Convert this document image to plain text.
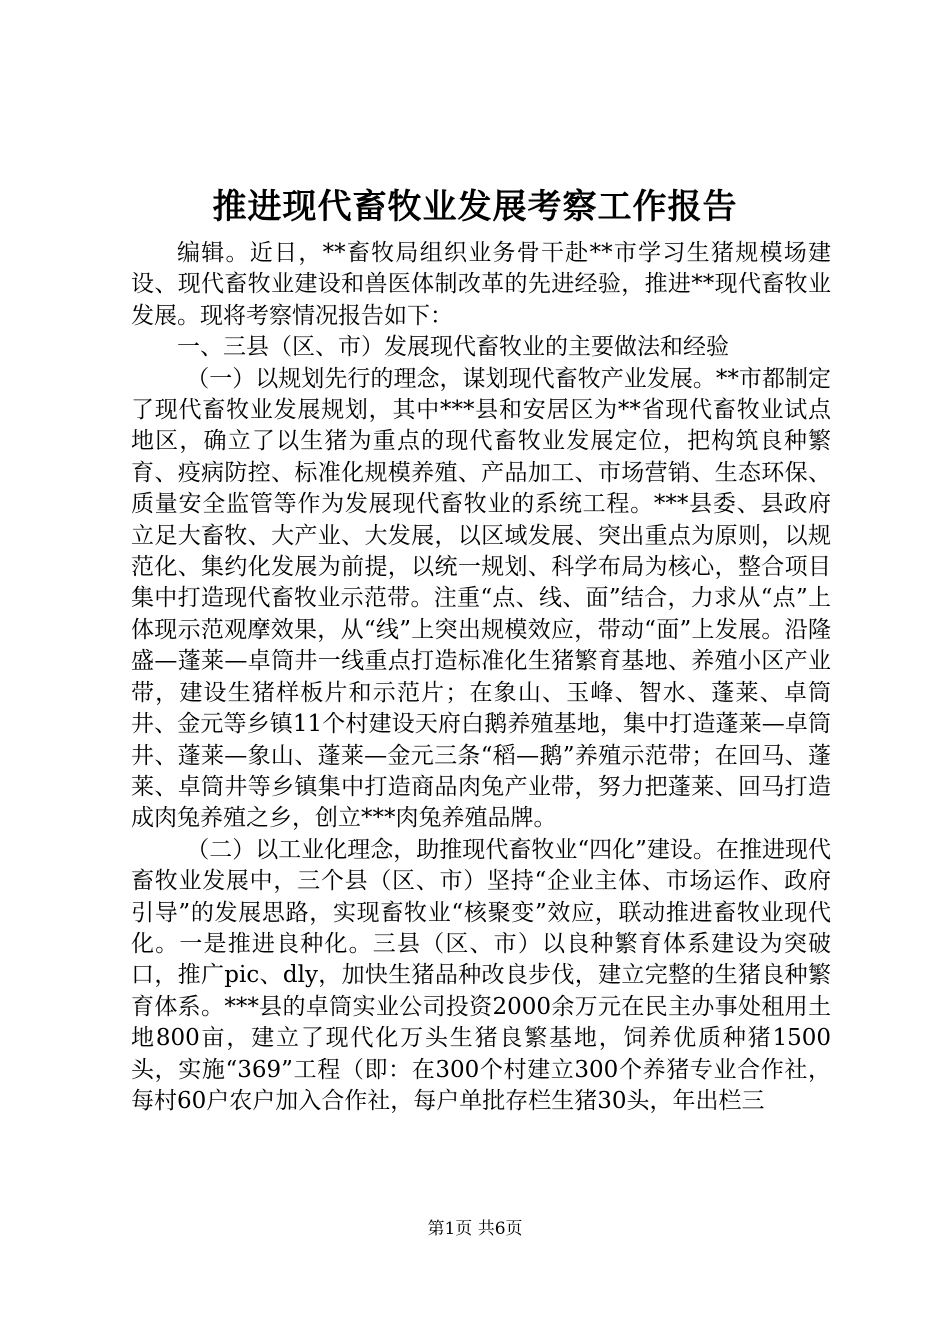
推进现代畜牧业发展考察工作报告

编辑。近日，**畜牧局组织业务骨干赴**市学习生猪规模场建设、现代畜牧业建设和兽医体制改革的先进经验，推进**现代畜牧业发展。现将考察情况报告如下：

一、三县（区、市）发展现代畜牧业的主要做法和经验

（一）以规划先行的理念，谋划现代畜牧产业发展。**市都制定了现代畜牧业发展规划，其中***县和安居区为**省现代畜牧业试点地区，确立了以生猪为重点的现代畜牧业发展定位，把构筑良种繁育、疫病防控、标准化规模养殖、产品加工、市场营销、生态环保、质量安全监管等作为发展现代畜牧业的系统工程。***县委、县政府立足大畜牧、大产业、大发展，以区域发展、突出重点为原则，以规范化、集约化发展为前提，以统一规划、科学布局为核心，整合项目集中打造现代畜牧业示范带。注重“点、线、面”结合，力求从“点”上体现示范观摩效果，从“线”上突出规模效应，带动“面”上发展。沿隆盛—蓬莱—卓筒井一线重点打造标准化生猪繁育基地、养殖小区产业带，建设生猪样板片和示范片；在象山、玉峰、智水、蓬莱、卓筒井、金元等乡镇11个村建设天府白鹅养殖基地，集中打造蓬莱—卓筒井、蓬莱—象山、蓬莱—金元三条“稻—鹅”养殖示范带；在回马、蓬莱、卓筒井等乡镇集中打造商品肉兔产业带，努力把蓬莱、回马打造成肉兔养殖之乡，创立***肉兔养殖品牌。

（二）以工业化理念，助推现代畜牧业“四化”建设。在推进现代畜牧业发展中，三个县（区、市）坚持“企业主体、市场运作、政府引导”的发展思路，实现畜牧业“核聚变”效应，联动推进畜牧业现代化。一是推进良种化。三县（区、市）以良种繁育体系建设为突破口，推广pic、dly，加快生猪品种改良步伐，建立完整的生猪良种繁育体系。***县的卓筒实业公司投资2000余万元在民主办事处租用土地800亩，建立了现代化万头生猪良繁基地，饲养优质种猪1500头，实施“369”工程（即：在300个村建立300个养猪专业合作社，每村60户农户加入合作社，每户单批存栏生猪30头，年出栏三

第1页 共6页
